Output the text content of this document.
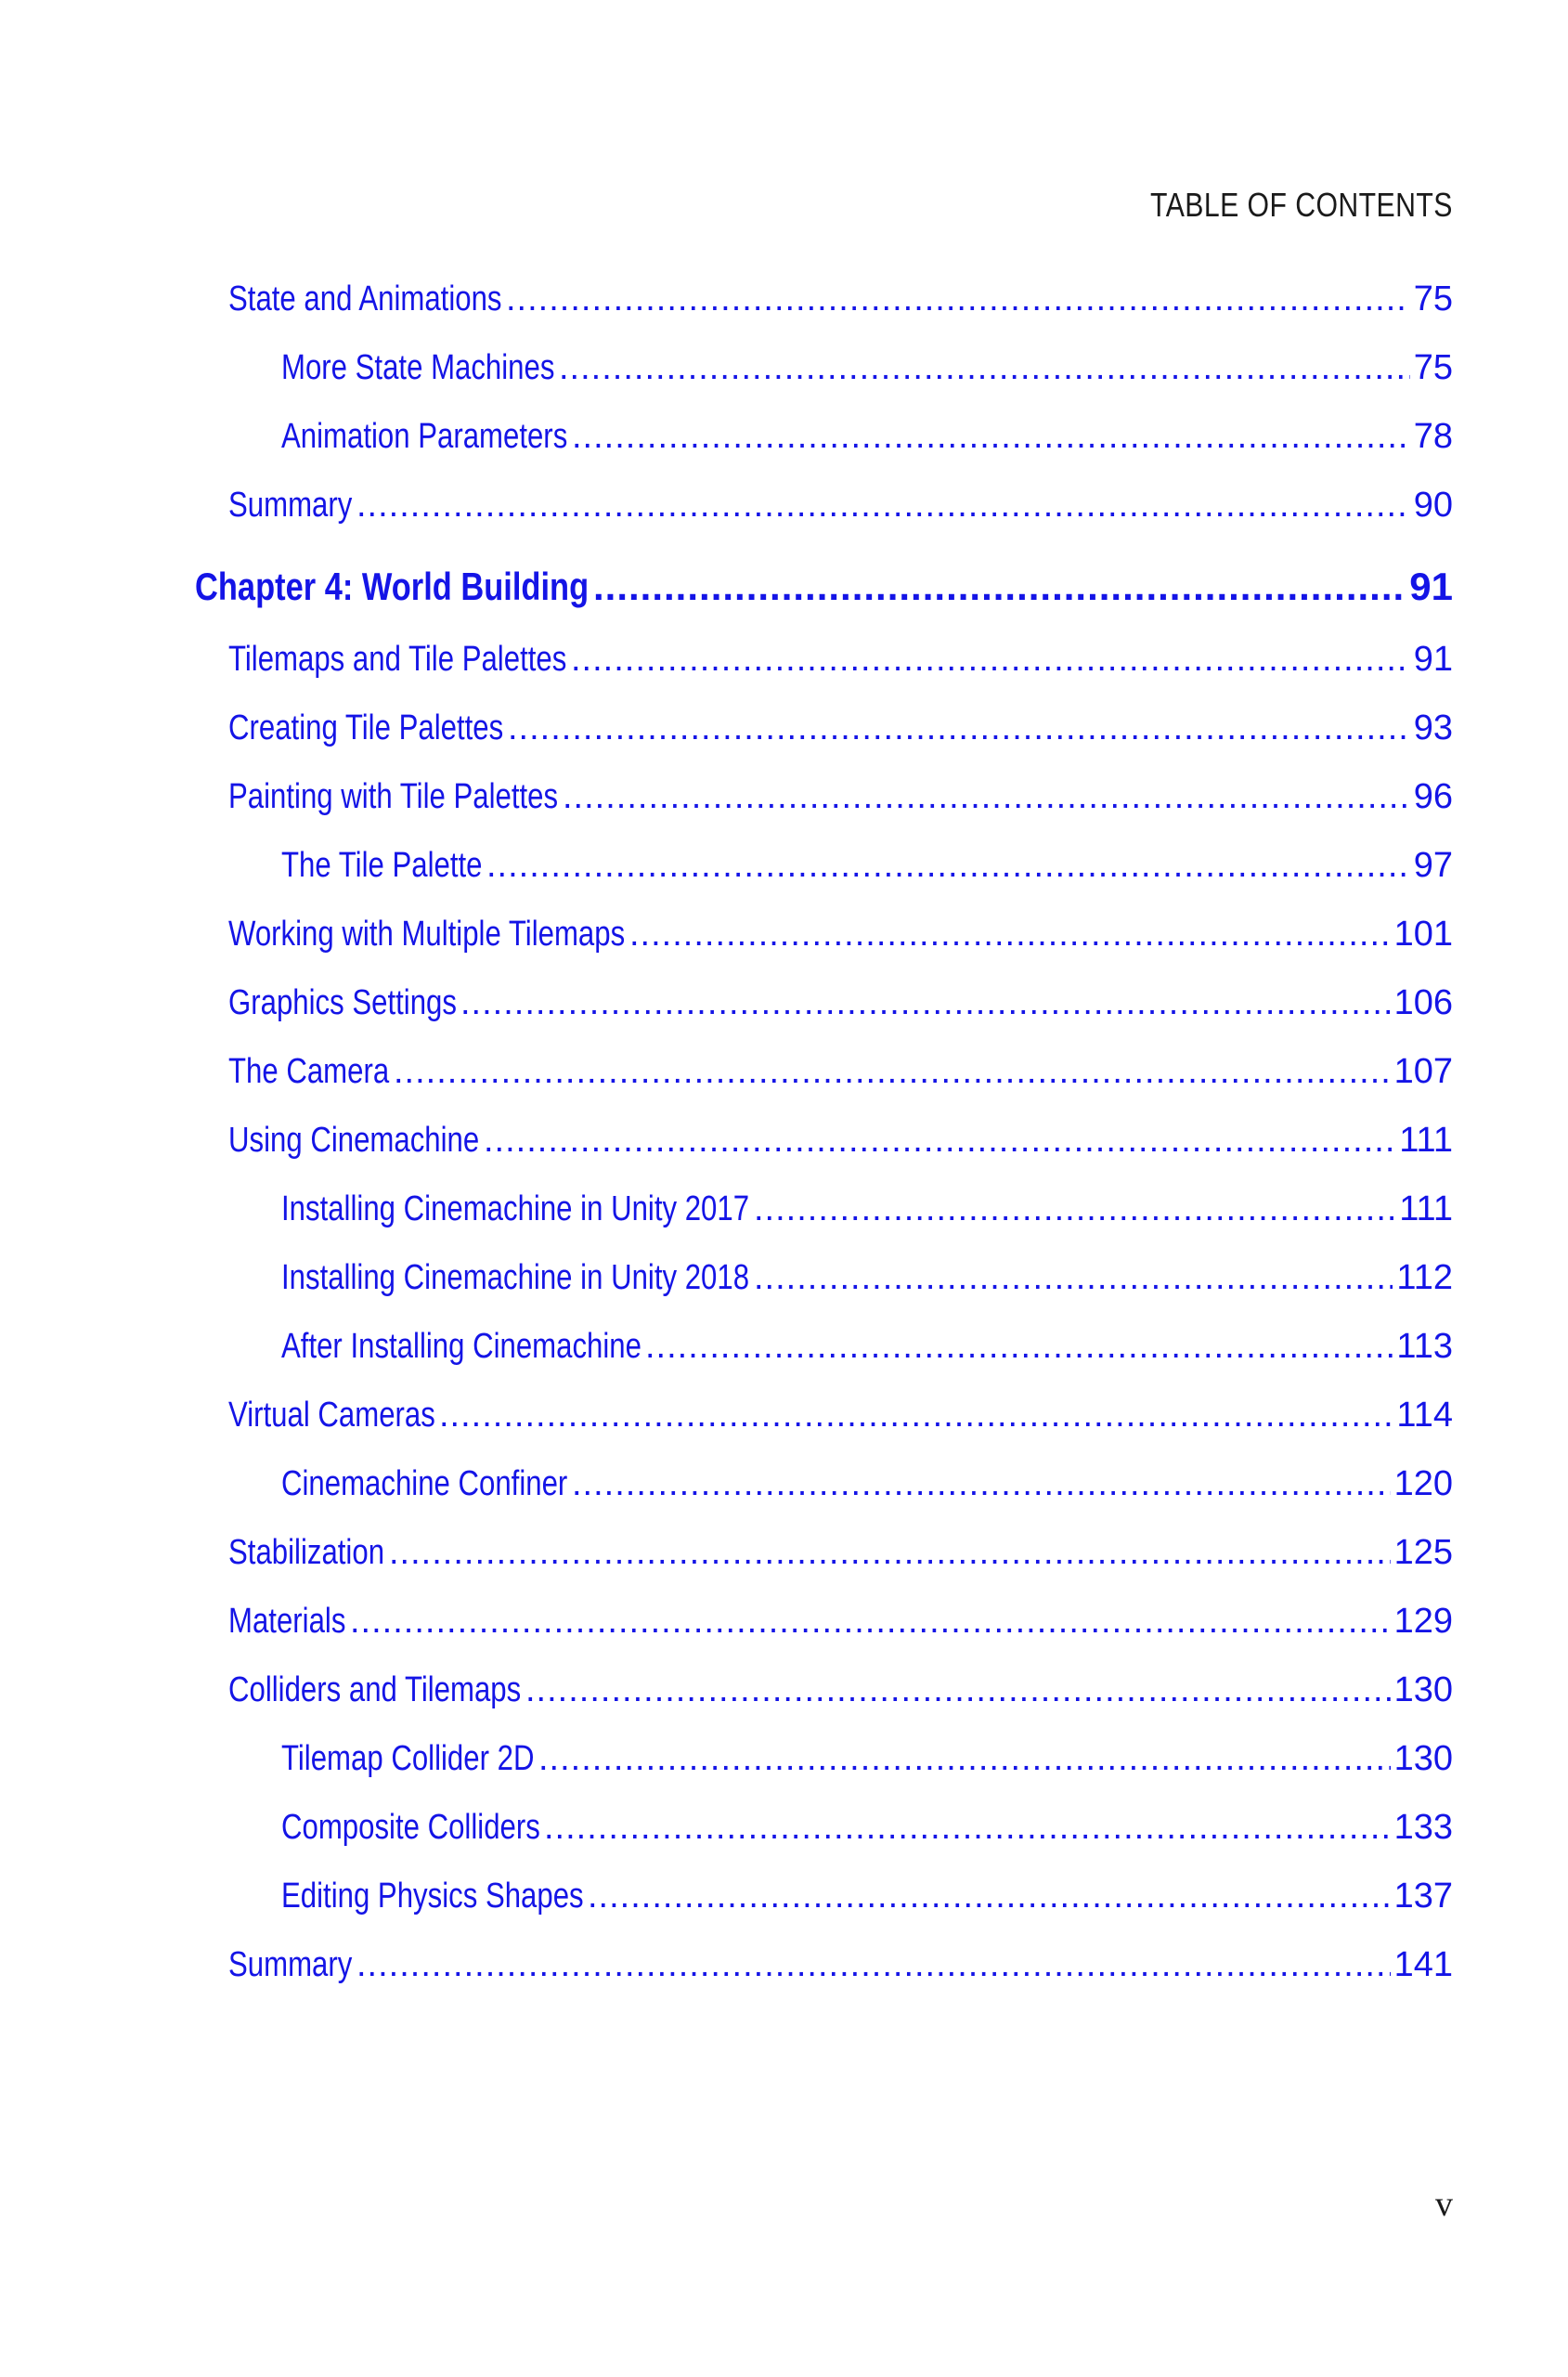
TABLE OF CONTENTS
State and Animations .....	75
More State Machines .....	75
Animation Parameters .....	78
Summary .....	90
Chapter 4: World Building .....	91
Tilemaps and Tile Palettes .....	91
Creating Tile Palettes .....	93
Painting with Tile Palettes .....	96
The Tile Palette .....	97
Working with Multiple Tilemaps .....	101
Graphics Settings .....	106
The Camera .....	107
Using Cinemachine .....	111
Installing Cinemachine in Unity 2017 .....	111
Installing Cinemachine in Unity 2018 .....	112
After Installing Cinemachine .....	113
Virtual Cameras .....	114
Cinemachine Confiner .....	120
Stabilization .....	125
Materials .....	129
Colliders and Tilemaps .....	130
Tilemap Collider 2D .....	130
Composite Colliders .....	133
Editing Physics Shapes .....	137
Summary .....	141
v
